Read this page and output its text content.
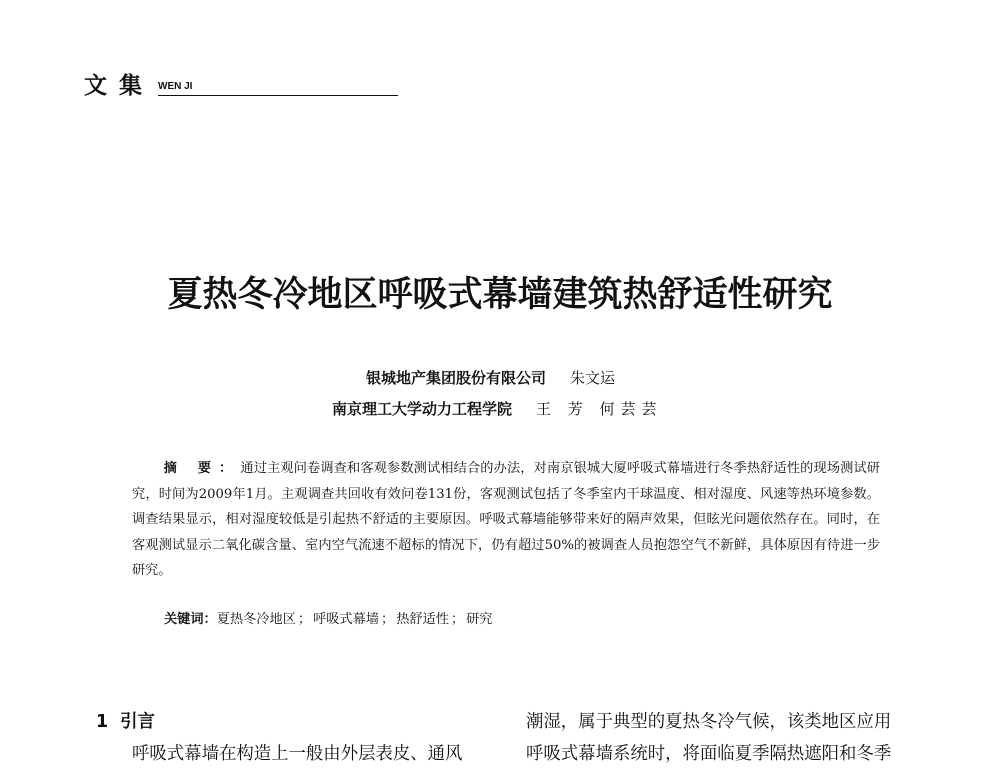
文集 WEN JI
夏热冬冷地区呼吸式幕墙建筑热舒适性研究
银城地产集团股份有限公司 朱文运
南京理工大学动力工程学院 王 芳 何芸芸
摘 要：通过主观问卷调查和客观参数测试相结合的办法，对南京银城大厦呼吸式幕墙进行冬季热舒适性的现场测试研究，时间为2009年1月。主观调查共回收有效问卷131份，客观测试包括了冬季室内干球温度、相对湿度、风速等热环境参数。调查结果显示，相对湿度较低是引起热不舒适的主要原因。呼吸式幕墙能够带来好的隔声效果，但眩光问题依然存在。同时，在客观测试显示二氧化碳含量、室内空气流速不超标的情况下，仍有超过50%的被调查人员抱怨空气不新鲜，具体原因有待进一步研究。
关键词：夏热冬冷地区 ； 呼吸式幕墙 ； 热舒适性 ； 研究
1 引言
呼吸式幕墙在构造上一般由外层表皮、通风
潮湿，属于典型的夏热冬冷气候，该类地区应用
呼吸式幕墙系统时，将面临夏季隔热遮阳和冬季
